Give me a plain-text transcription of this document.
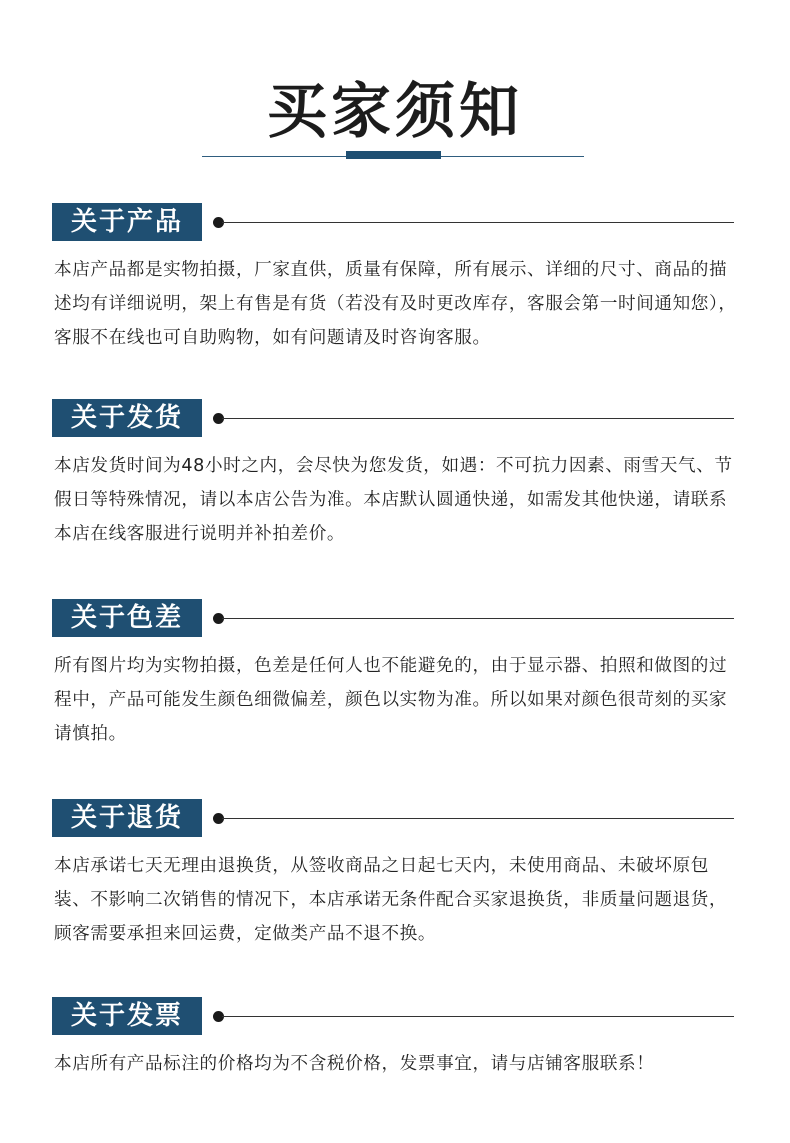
买家须知
关于产品

本店产品都是实物拍摄，厂家直供，质量有保障，所有展示、详细的尺寸、商品的描述均有详细说明，架上有售是有货（若没有及时更改库存，客服会第一时间通知您），客服不在线也可自助购物，如有问题请及时咨询客服。

关于发货

本店发货时间为48小时之内，会尽快为您发货，如遇：不可抗力因素、雨雪天气、节假日等特殊情况，请以本店公告为准。本店默认圆通快递，如需发其他快递，请联系本店在线客服进行说明并补拍差价。

关于色差

所有图片均为实物拍摄，色差是任何人也不能避免的，由于显示器、拍照和做图的过程中，产品可能发生颜色细微偏差，颜色以实物为准。所以如果对颜色很苛刻的买家请慎拍。

关于退货

本店承诺七天无理由退换货，从签收商品之日起七天内，未使用商品、未破坏原包装、不影响二次销售的情况下，本店承诺无条件配合买家退换货，非质量问题退货，顾客需要承担来回运费，定做类产品不退不换。

关于发票

本店所有产品标注的价格均为不含税价格，发票事宜，请与店铺客服联系！
